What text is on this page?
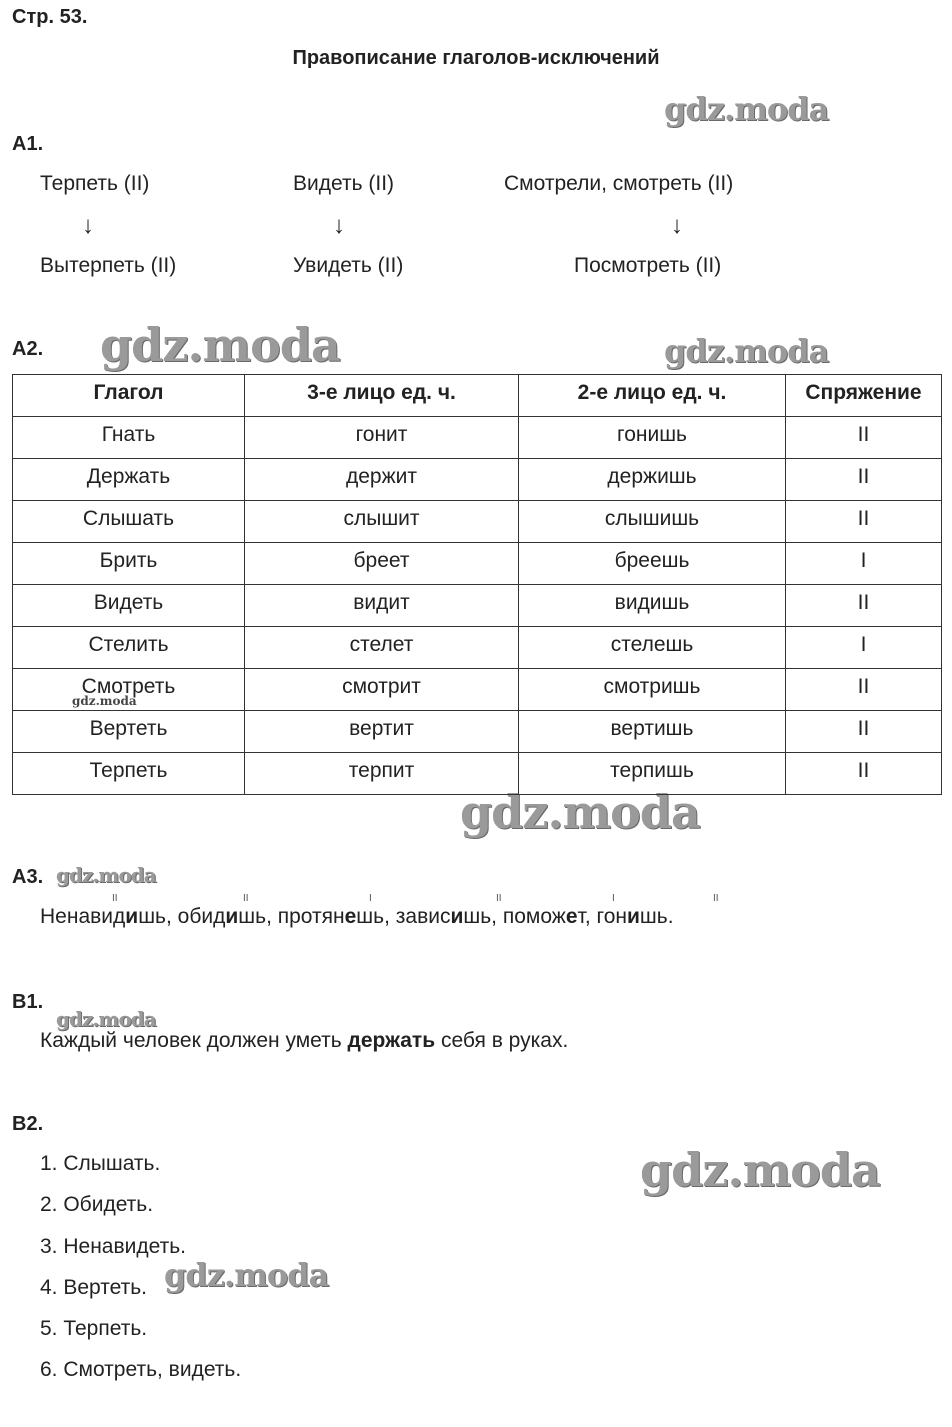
Стр. 53.
Правописание глаголов-исключений
gdz.moda
gdz.moda	gdz.moda
gdz.moda
gdz.moda
gdz.moda
gdz.moda
gdz.moda
gdz.moda
А1.
Терпеть (II)
↓
Вытерпеть (II)
Видеть (II)
↓
Увидеть (II)
Смотрели, смотреть (II)
↓
Посмотреть (II)
А2.
Глагол	3-е лицо ед. ч.	2-е лицо ед. ч.	Спряжение
Гнать	гонит	гонишь	II
Держать	держит	держишь	II
Слышать	слышит	слышишь	II
Брить	бреет	бреешь	I
Видеть	видит	видишь	II
Стелить	стелет	стелешь	I
Смотреть	смотрит	смотришь	II
Вертеть	вертит	вертишь	II
Терпеть	терпит	терпишь	II
А3.
II	II	I	II	I	II
Ненавидишь, обидишь, протянешь, зависишь, поможет, гонишь.
В1.
Каждый человек должен уметь держать себя в руках.
В2.
1. Слышать.
2. Обидеть.
3. Ненавидеть.
4. Вертеть.
5. Терпеть.
6. Смотреть, видеть.
